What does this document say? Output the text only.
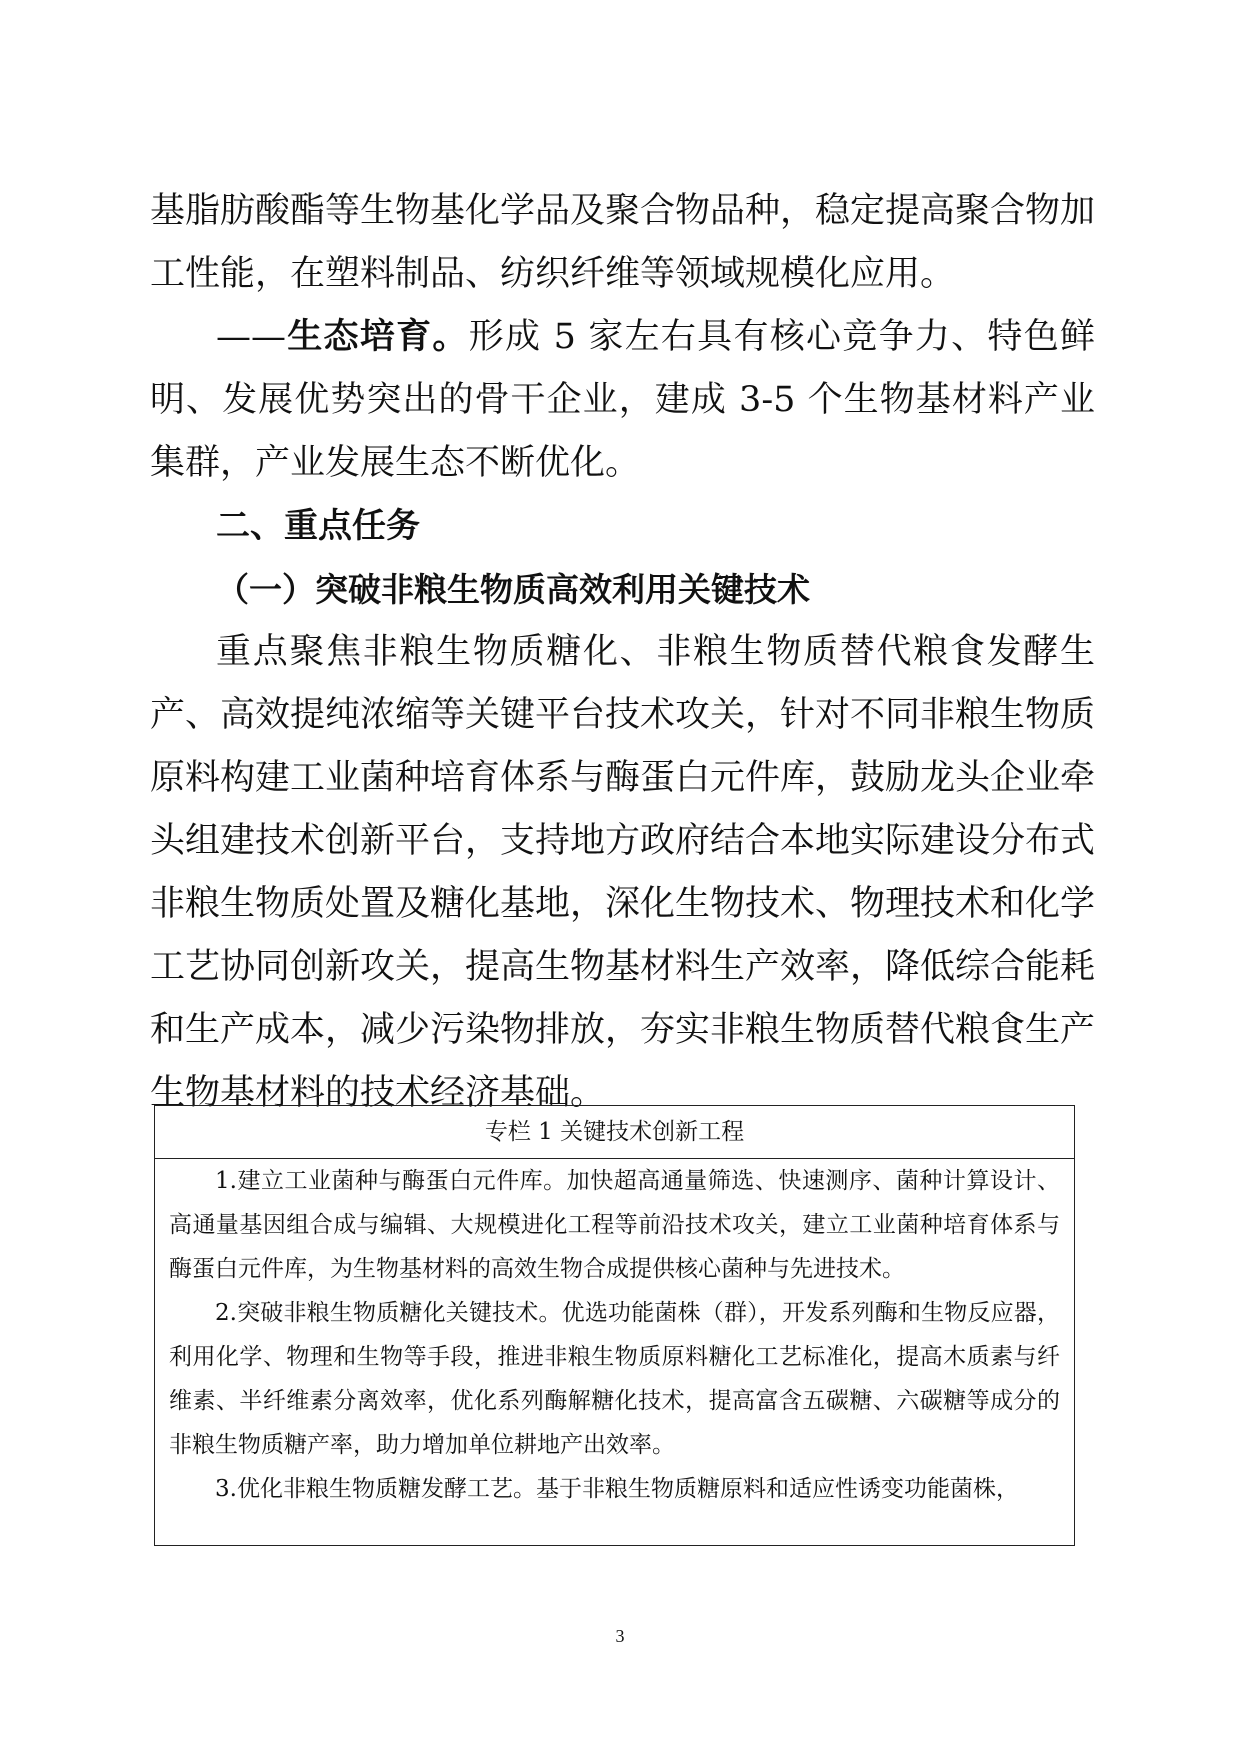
基脂肪酸酯等生物基化学品及聚合物品种，稳定提高聚合物加工性能，在塑料制品、纺织纤维等领域规模化应用。
——生态培育。形成 5 家左右具有核心竞争力、特色鲜明、发展优势突出的骨干企业，建成 3-5 个生物基材料产业集群，产业发展生态不断优化。
二、重点任务
（一）突破非粮生物质高效利用关键技术
重点聚焦非粮生物质糖化、非粮生物质替代粮食发酵生产、高效提纯浓缩等关键平台技术攻关，针对不同非粮生物质原料构建工业菌种培育体系与酶蛋白元件库，鼓励龙头企业牵头组建技术创新平台，支持地方政府结合本地实际建设分布式非粮生物质处置及糖化基地，深化生物技术、物理技术和化学工艺协同创新攻关，提高生物基材料生产效率，降低综合能耗和生产成本，减少污染物排放，夯实非粮生物质替代粮食生产生物基材料的技术经济基础。
专栏 1 关键技术创新工程

1.建立工业菌种与酶蛋白元件库。加快超高通量筛选、快速测序、菌种计算设计、高通量基因组合成与编辑、大规模进化工程等前沿技术攻关，建立工业菌种培育体系与酶蛋白元件库，为生物基材料的高效生物合成提供核心菌种与先进技术。

2.突破非粮生物质糖化关键技术。优选功能菌株（群），开发系列酶和生物反应器，利用化学、物理和生物等手段，推进非粮生物质原料糖化工艺标准化，提高木质素与纤维素、半纤维素分离效率，优化系列酶解糖化技术，提高富含五碳糖、六碳糖等成分的非粮生物质糖产率，助力增加单位耕地产出效率。

3.优化非粮生物质糖发酵工艺。基于非粮生物质糖原料和适应性诱变功能菌株，

3
